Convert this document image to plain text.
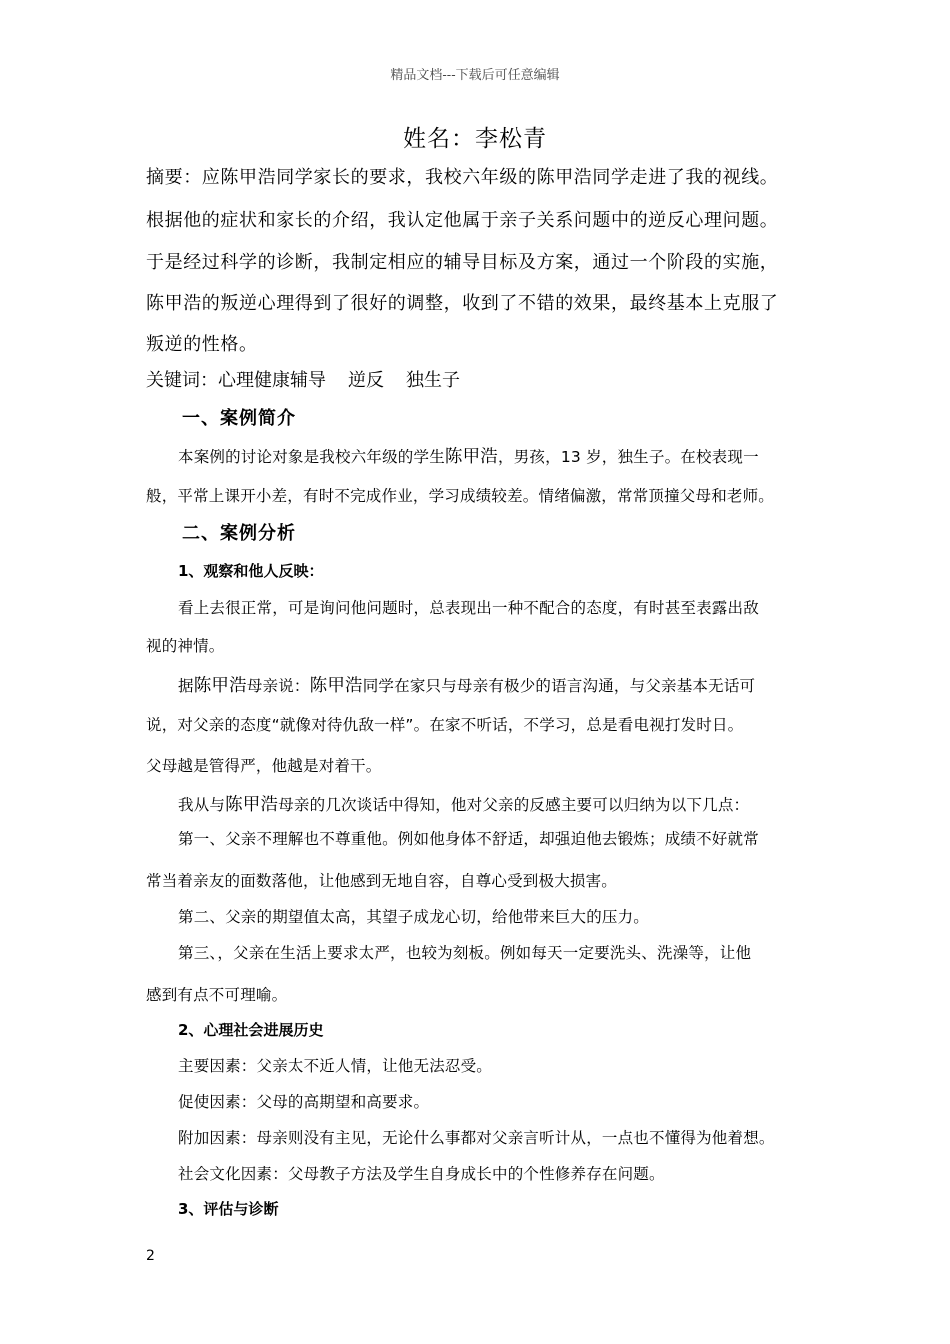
精品文档---下载后可任意编辑
姓名：李松青
摘要：应陈甲浩同学家长的要求，我校六年级的陈甲浩同学走进了我的视线。
根据他的症状和家长的介绍，我认定他属于亲子关系问题中的逆反心理问题。
于是经过科学的诊断，我制定相应的辅导目标及方案，通过一个阶段的实施，
陈甲浩的叛逆心理得到了很好的调整，收到了不错的效果，最终基本上克服了
叛逆的性格。
关键词：心理健康辅导 逆反 独生子
一、案例简介
本案例的讨论对象是我校六年级的学生陈甲浩，男孩，13 岁，独生子。在校表现一
般，平常上课开小差，有时不完成作业，学习成绩较差。情绪偏激，常常顶撞父母和老师。
二、案例分析
1、观察和他人反映：
看上去很正常，可是询问他问题时，总表现出一种不配合的态度，有时甚至表露出敌
视的神情。
据陈甲浩母亲说：陈甲浩同学在家只与母亲有极少的语言沟通，与父亲基本无话可
说，对父亲的态度“就像对待仇敌一样”。在家不听话，不学习，总是看电视打发时日。
父母越是管得严，他越是对着干。
我从与陈甲浩母亲的几次谈话中得知，他对父亲的反感主要可以归纳为以下几点：
第一、父亲不理解也不尊重他。例如他身体不舒适，却强迫他去锻炼；成绩不好就常
常当着亲友的面数落他，让他感到无地自容，自尊心受到极大损害。
第二、父亲的期望值太高，其望子成龙心切，给他带来巨大的压力。
第三、，父亲在生活上要求太严，也较为刻板。例如每天一定要洗头、洗澡等，让他
感到有点不可理喻。
2、心理社会进展历史
主要因素：父亲太不近人情，让他无法忍受。
促使因素：父母的高期望和高要求。
附加因素：母亲则没有主见，无论什么事都对父亲言听计从，一点也不懂得为他着想。
社会文化因素：父母教子方法及学生自身成长中的个性修养存在问题。
3、评估与诊断
2
